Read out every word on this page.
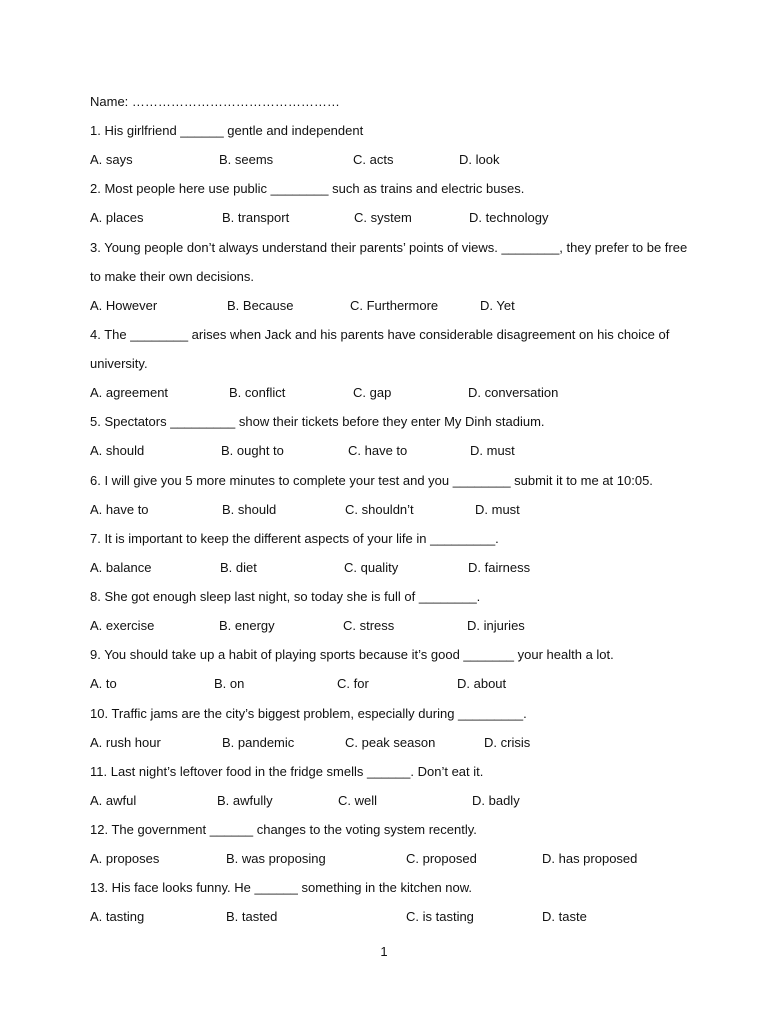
Name: …………………………………………
1. His girlfriend ______ gentle and independent
A. says	B. seems	C. acts	D. look
2. Most people here use public ________ such as trains and electric buses.
A. places	B. transport	C. system	D. technology
3. Young people don’t always understand their parents’ points of views. ________, they prefer to be free
to make their own decisions.
A. However	B. Because	C. Furthermore	D. Yet
4. The ________ arises when Jack and his parents have considerable disagreement on his choice of
university.
A. agreement	B. conflict	C. gap	D. conversation
5. Spectators _________ show their tickets before they enter My Dinh stadium.
A. should	B. ought to	C. have to	D. must
6. I will give you 5 more minutes to complete your test and you ________ submit it to me at 10:05.
A. have to	B. should	C. shouldn’t	D. must
7. It is important to keep the different aspects of your life in _________.
A. balance	B. diet	C. quality	D. fairness
8. She got enough sleep last night, so today she is full of ________.
A. exercise	B. energy	C. stress	D. injuries
9. You should take up a habit of playing sports because it’s good _______ your health a lot.
A. to	B. on	C. for	D. about
10. Traffic jams are the city’s biggest problem, especially during _________.
A. rush hour	B. pandemic	C. peak season	D. crisis
11. Last night’s leftover food in the fridge smells ______. Don’t eat it.
A. awful	B. awfully	C. well	D. badly
12. The government ______ changes to the voting system recently.
A. proposes	B. was proposing	C. proposed	D. has proposed
13. His face looks funny. He ______ something in the kitchen now.
A. tasting	B. tasted	C. is tasting	D. taste
1
